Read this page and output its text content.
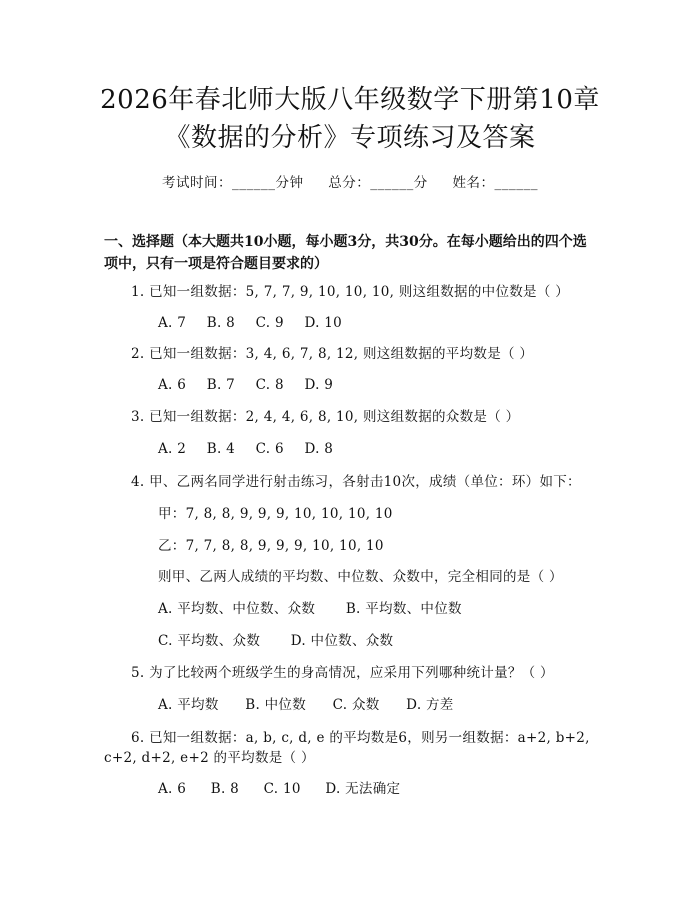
2026年春北师大版八年级数学下册第10章
《数据的分析》专项练习及答案
考试时间：______分钟 总分：______分 姓名：______
一、选择题（本大题共10小题，每小题3分，共30分。在每小题给出的四个选
项中，只有一项是符合题目要求的）
1. 已知一组数据：5, 7, 7, 9, 10, 10, 10, 则这组数据的中位数是（ ）
A. 7 B. 8 C. 9 D. 10
2. 已知一组数据：3, 4, 6, 7, 8, 12, 则这组数据的平均数是（ ）
A. 6 B. 7 C. 8 D. 9
3. 已知一组数据：2, 4, 4, 6, 8, 10, 则这组数据的众数是（ ）
A. 2 B. 4 C. 6 D. 8
4. 甲、乙两名同学进行射击练习，各射击10次，成绩（单位：环）如下：
甲：7, 8, 8, 9, 9, 9, 10, 10, 10, 10
乙：7, 7, 8, 8, 9, 9, 9, 10, 10, 10
则甲、乙两人成绩的平均数、中位数、众数中，完全相同的是（ ）
A. 平均数、中位数、众数 B. 平均数、中位数
C. 平均数、众数 D. 中位数、众数
5. 为了比较两个班级学生的身高情况，应采用下列哪种统计量？（ ）
A. 平均数 B. 中位数 C. 众数 D. 方差
6. 已知一组数据：a, b, c, d, e 的平均数是6，则另一组数据：a+2, b+2,
c+2, d+2, e+2 的平均数是（ ）
A. 6 B. 8 C. 10 D. 无法确定
